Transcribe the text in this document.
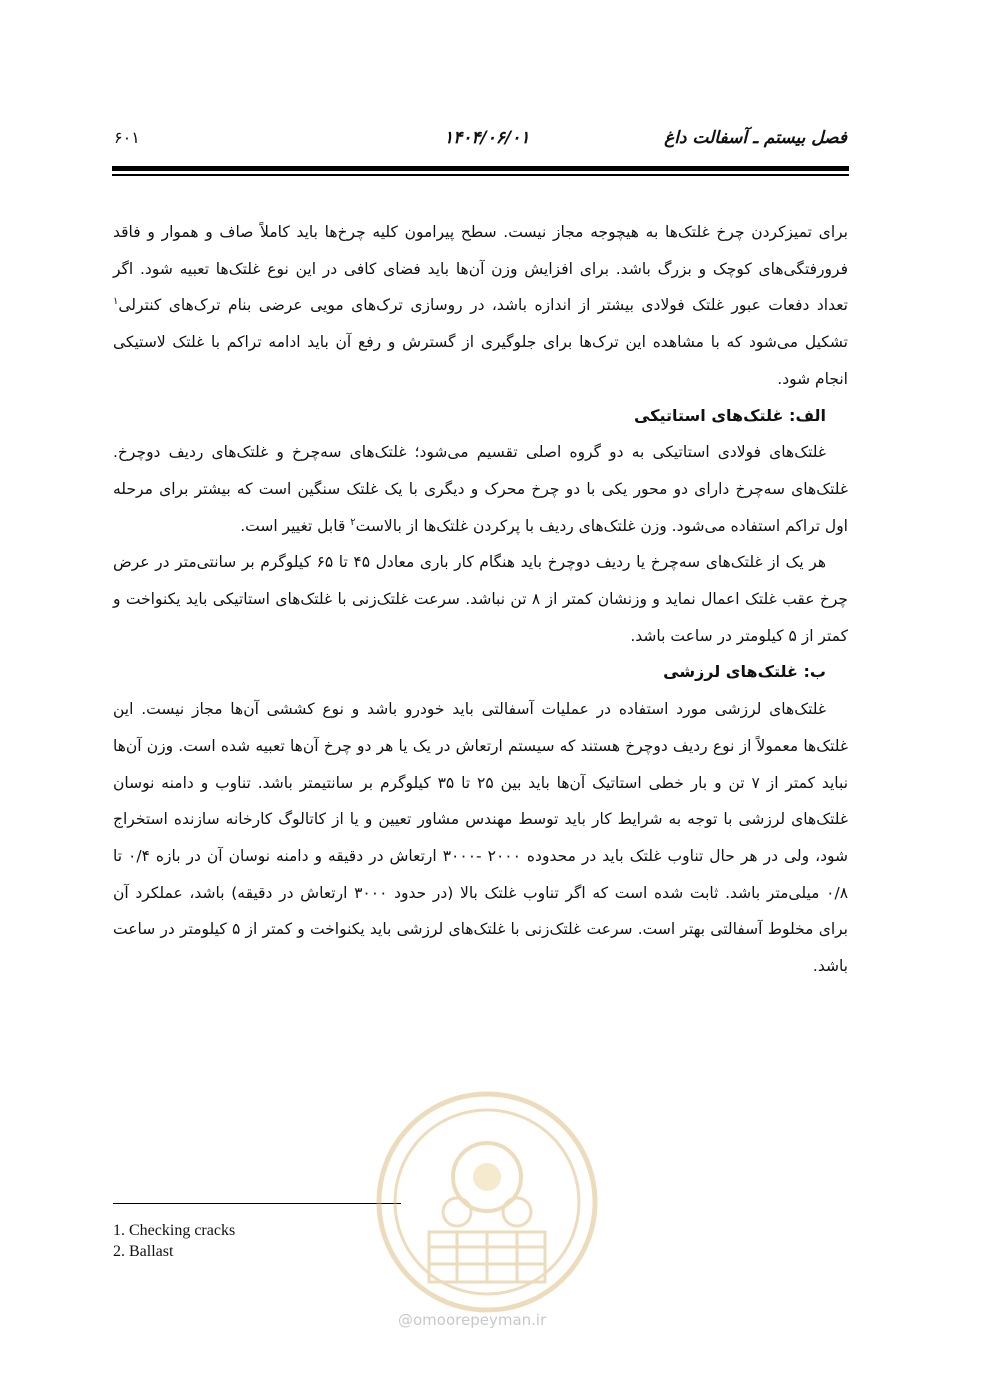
فصل بیستم ـ آسفالت داغ
۱۴۰۴/۰۶/۰۱
۶۰۱

برای تمیزکردن چرخ غلتک‌ها به هیچوجه مجاز نیست. سطح پیرامون کلیه چرخ‌ها باید کاملاً صاف و هموار و فاقد فرورفتگی‌های کوچک و بزرگ باشد. برای افزایش وزن آن‌ها باید فضای کافی در این نوع غلتک‌ها تعبیه شود. اگر تعداد دفعات عبور غلتک فولادی بیشتر از اندازه باشد، در روسازی ترک‌های مویی عرضی بنام ترک‌های کنترلی$^۱$ تشکیل می‌شود که با مشاهده این ترک‌ها برای جلوگیری از گسترش و رفع آن باید ادامه تراکم با غلتک لاستیکی انجام شود.

الف: غلتک‌های استاتیکی

غلتک‌های فولادی استاتیکی به دو گروه اصلی تقسیم می‌شود؛ غلتک‌های سه‌چرخ و غلتک‌های ردیف دوچرخ. غلتک‌های سه‌چرخ دارای دو محور یکی با دو چرخ محرک و دیگری با یک غلتک سنگین است که بیشتر برای مرحله اول تراکم استفاده می‌شود. وزن غلتک‌های ردیف با پرکردن غلتک‌ها از بالاست$^۲$ قابل تغییر است.

هر یک از غلتک‌های سه‌چرخ یا ردیف دوچرخ باید هنگام کار باری معادل ۴۵ تا ۶۵ کیلوگرم بر سانتی‌متر در عرض چرخ عقب غلتک اعمال نماید و وزنشان کمتر از ۸ تن نباشد. سرعت غلتک‌زنی با غلتک‌های استاتیکی باید یکنواخت و کمتر از ۵ کیلومتر در ساعت باشد.

ب: غلتک‌های لرزشی

غلتک‌های لرزشی مورد استفاده در عملیات آسفالتی باید خودرو باشد و نوع کششی آن‌ها مجاز نیست. این غلتک‌ها معمولاً از نوع ردیف دوچرخ هستند که سیستم ارتعاش در یک یا هر دو چرخ آن‌ها تعبیه شده است. وزن آن‌ها نباید کمتر از ۷ تن و بار خطی استاتیک آن‌ها باید بین ۲۵ تا ۳۵ کیلوگرم بر سانتیمتر باشد. تناوب و دامنه نوسان غلتک‌های لرزشی با توجه به شرایط کار باید توسط مهندس مشاور تعیین و یا از کاتالوگ کارخانه سازنده استخراج شود، ولی در هر حال تناوب غلتک باید در محدوده ۲۰۰۰ -۳۰۰۰ ارتعاش در دقیقه و دامنه نوسان آن در بازه ۰/۴ تا ۰/۸ میلی‌متر باشد. ثابت شده است که اگر تناوب غلتک بالا (در حدود ۳۰۰۰ ارتعاش در دقیقه) باشد، عملکرد آن برای مخلوط آسفالتی بهتر است. سرعت غلتک‌زنی با غلتک‌های لرزشی باید یکنواخت و کمتر از ۵ کیلومتر در ساعت باشد.

1. Checking cracks
2. Ballast
@omoorepeyman.ir
